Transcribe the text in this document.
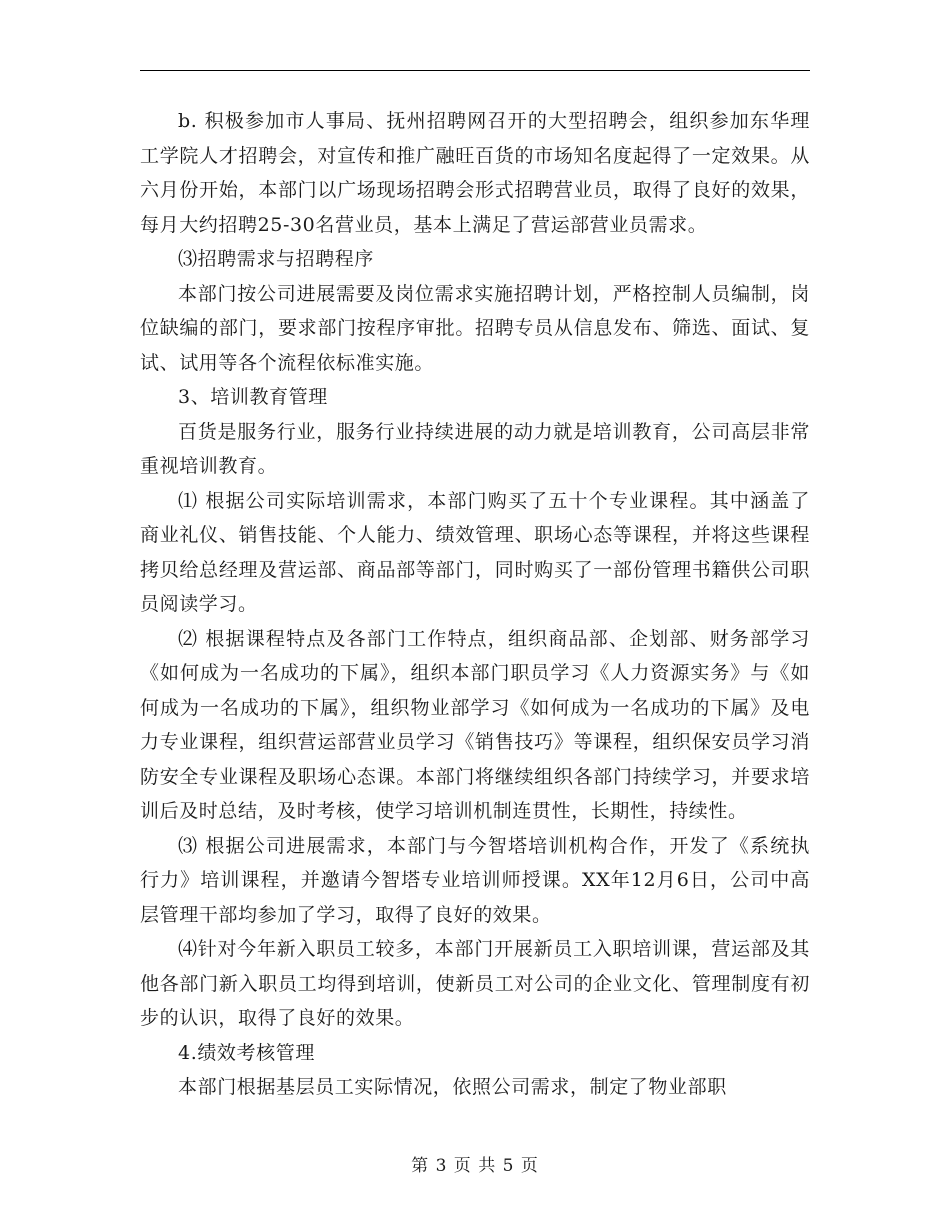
b. 积极参加市人事局、抚州招聘网召开的大型招聘会，组织参加东华理工学院人才招聘会，对宣传和推广融旺百货的市场知名度起得了一定效果。从六月份开始，本部门以广场现场招聘会形式招聘营业员，取得了良好的效果，每月大约招聘25-30名营业员，基本上满足了营运部营业员需求。

⑶招聘需求与招聘程序

本部门按公司进展需要及岗位需求实施招聘计划，严格控制人员编制，岗位缺编的部门，要求部门按程序审批。招聘专员从信息发布、筛选、面试、复试、试用等各个流程依标准实施。

3、培训教育管理

百货是服务行业，服务行业持续进展的动力就是培训教育，公司高层非常重视培训教育。

⑴ 根据公司实际培训需求，本部门购买了五十个专业课程。其中涵盖了商业礼仪、销售技能、个人能力、绩效管理、职场心态等课程，并将这些课程拷贝给总经理及营运部、商品部等部门，同时购买了一部份管理书籍供公司职员阅读学习。

⑵ 根据课程特点及各部门工作特点，组织商品部、企划部、财务部学习《如何成为一名成功的下属》，组织本部门职员学习《人力资源实务》与《如何成为一名成功的下属》，组织物业部学习《如何成为一名成功的下属》及电力专业课程，组织营运部营业员学习《销售技巧》等课程，组织保安员学习消防安全专业课程及职场心态课。本部门将继续组织各部门持续学习，并要求培训后及时总结，及时考核，使学习培训机制连贯性，长期性，持续性。

⑶ 根据公司进展需求，本部门与今智塔培训机构合作，开发了《系统执行力》培训课程，并邀请今智塔专业培训师授课。XX年12月6日，公司中高层管理干部均参加了学习，取得了良好的效果。

⑷针对今年新入职员工较多，本部门开展新员工入职培训课，营运部及其他各部门新入职员工均得到培训，使新员工对公司的企业文化、管理制度有初步的认识，取得了良好的效果。

4.绩效考核管理

本部门根据基层员工实际情况，依照公司需求，制定了物业部职

第 3 页 共 5 页
